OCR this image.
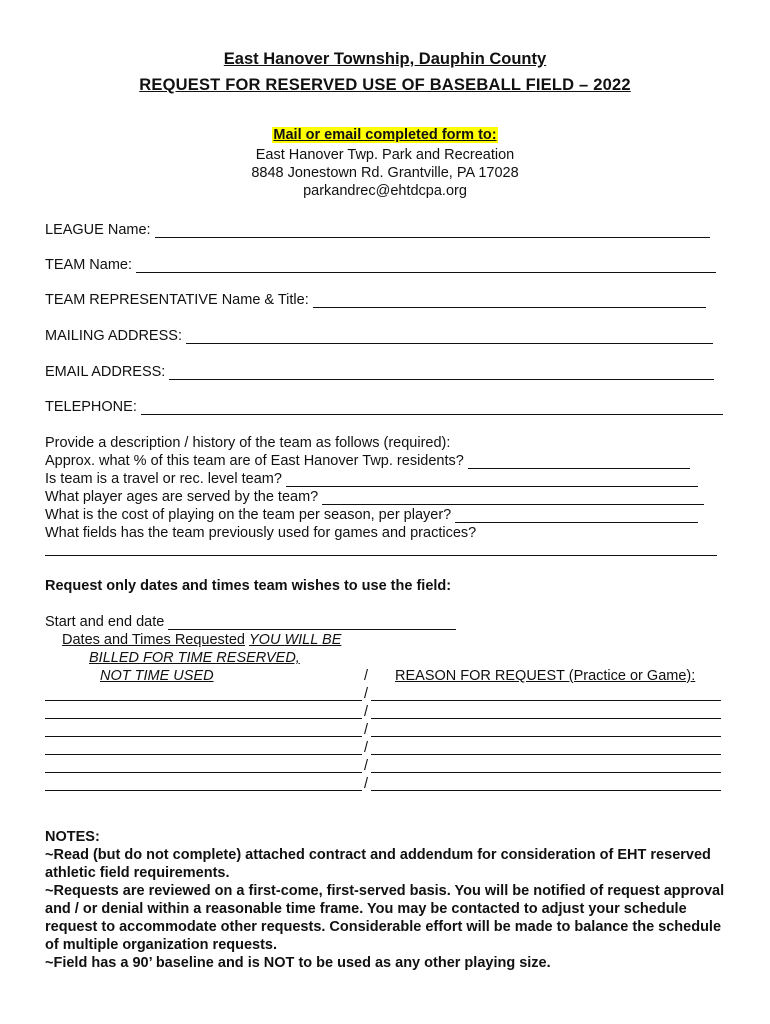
East Hanover Township, Dauphin County
REQUEST FOR RESERVED USE OF BASEBALL FIELD – 2022
Mail or email completed form to:
East Hanover Twp. Park and Recreation
8848 Jonestown Rd. Grantville, PA 17028
parkandrec@ehtdcpa.org
LEAGUE Name:
TEAM Name:
TEAM REPRESENTATIVE Name & Title:
MAILING ADDRESS:
EMAIL ADDRESS:
TELEPHONE:
Provide a description / history of the team as follows (required):
Approx. what % of this team are of East Hanover Twp. residents?
Is team is a travel or rec. level team?
What player ages are served by the team?
What is the cost of playing on the team per season, per player?
What fields has the team previously used for games and practices?
Request only dates and times team wishes to use the field:
Start and end date
Dates and Times Requested YOU WILL BE
BILLED FOR TIME RESERVED,
NOT TIME USED	/ REASON FOR REQUEST (Practice or Game):
/
/
/
/
/
/
NOTES:
~Read (but do not complete) attached contract and addendum for consideration of EHT reserved athletic field requirements.
~Requests are reviewed on a first-come, first-served basis. You will be notified of request approval and / or denial within a reasonable time frame. You may be contacted to adjust your schedule request to accommodate other requests. Considerable effort will be made to balance the schedule of multiple organization requests.
~Field has a 90’ baseline and is NOT to be used as any other playing size.
